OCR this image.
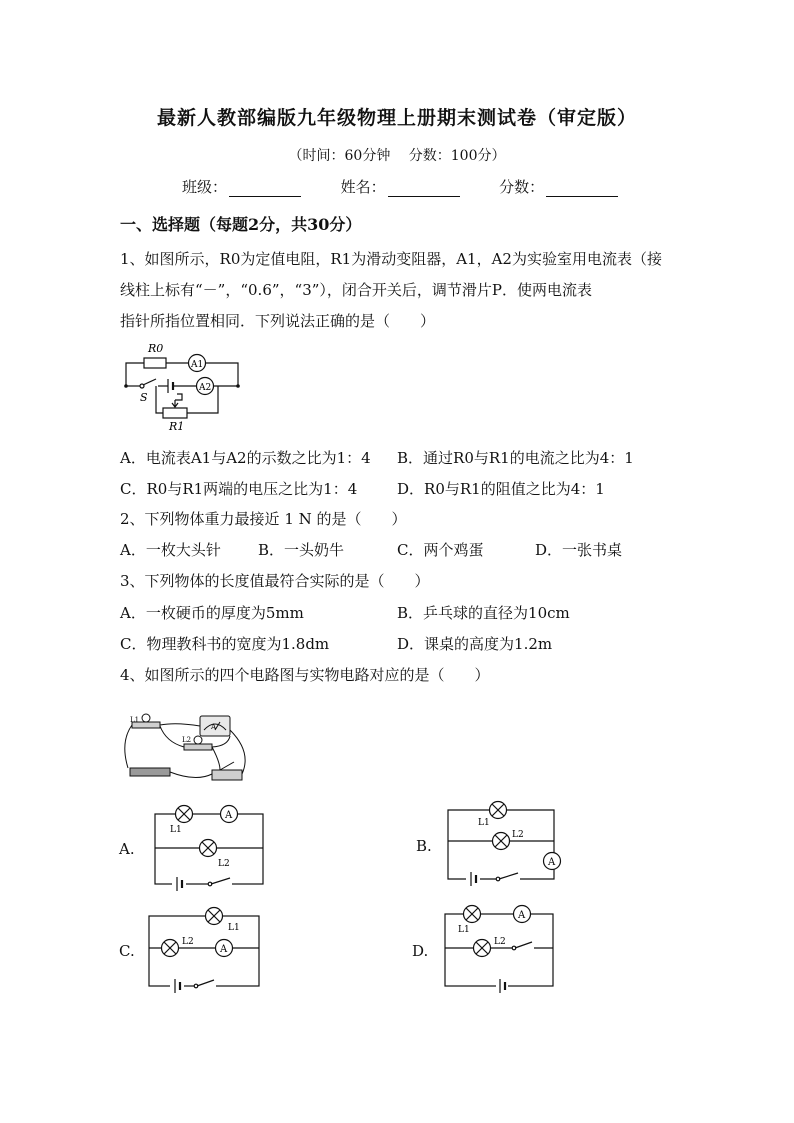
最新人教部编版九年级物理上册期末测试卷（审定版）
（时间：60分钟　 分数：100分）
班级：	姓名：	分数：
一、选择题（每题2分，共30分）
1、如图所示，R0为定值电阻，R1为滑动变阻器，A1，A2为实验室用电流表（接
线柱上标有“－”，“0.6”，“3”），闭合开关后，调节滑片P．使两电流表
指针所指位置相同．下列说法正确的是（　　）
R0
A1
A2
S
R1
A．电流表A1与A2的示数之比为1：4 B．通过R0与R1的电流之比为4：1
C．R0与R1两端的电压之比为1：4	D．R0与R1的阻值之比为4：1
2、下列物体重力最接近 1 N 的是（　　）
A．一枚大头针 B．一头奶牛	C．两个鸡蛋	D．一张书桌
3、下列物体的长度值最符合实际的是（　　）
A．一枚硬币的厚度为5mm	B．乒乓球的直径为10cm
C．物理教科书的宽度为1.8dm	D．课桌的高度为1.2m
4、如图所示的四个电路图与实物电路对应的是（　　）
L1
L2
A
A.
A
L1
L2
B.
A
L1
L2
C.	A
L1
L2	D.
A
L1
L2
